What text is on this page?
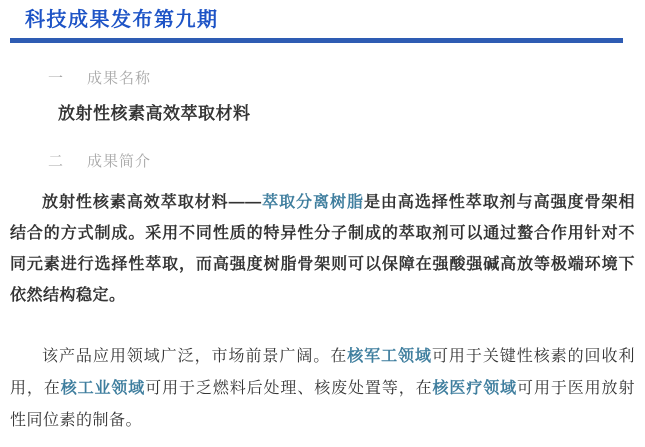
科技成果发布第九期
一 成果名称
放射性核素高效萃取材料
二 成果简介

放射性核素高效萃取材料——萃取分离树脂是由高选择性萃取剂与高强度骨架相结合的方式制成。采用不同性质的特异性分子制成的萃取剂可以通过螯合作用针对不同元素进行选择性萃取，而高强度树脂骨架则可以保障在强酸强碱高放等极端环境下依然结构稳定。

该产品应用领域广泛，市场前景广阔。在核军工领域可用于关键性核素的回收利用，在核工业领域可用于乏燃料后处理、核废处置等，在核医疗领域可用于医用放射性同位素的制备。
